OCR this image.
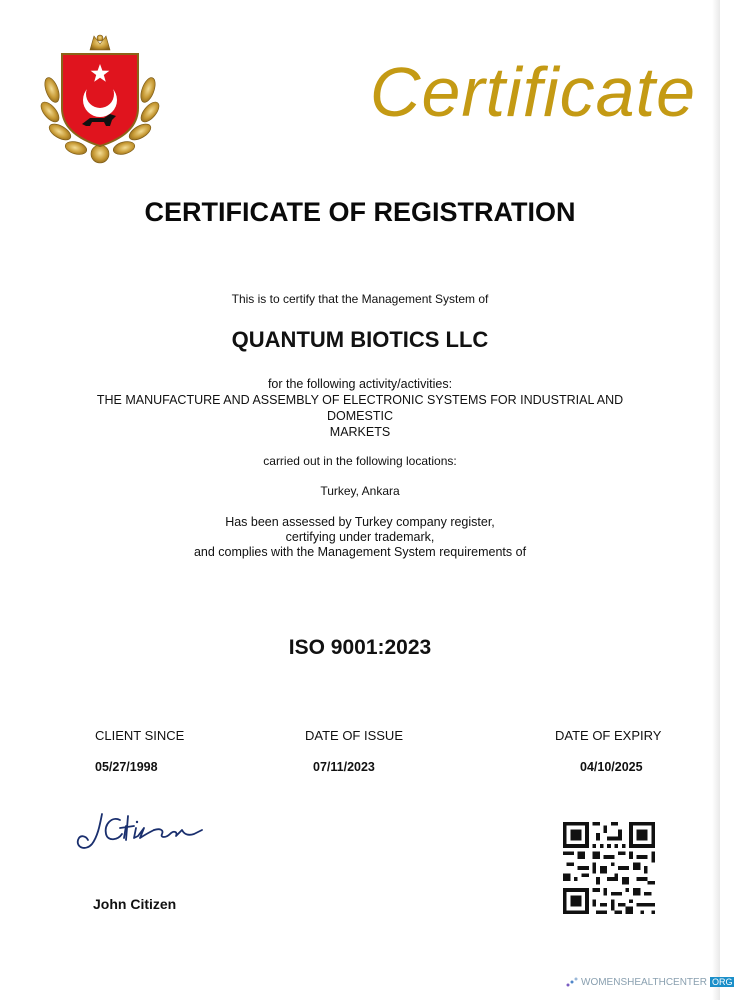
Certificate
CERTIFICATE OF REGISTRATION
This is to certify that the Management System of
QUANTUM BIOTICS LLC
for the following activity/activities:
THE MANUFACTURE AND ASSEMBLY OF ELECTRONIC SYSTEMS FOR INDUSTRIAL AND
DOMESTIC
MARKETS
carried out in the following locations:
Turkey, Ankara
Has been assessed by Turkey company register,
certifying under trademark,
and complies with the Management System requirements of
ISO 9001:2023
CLIENT SINCE	DATE OF ISSUE	DATE OF EXPIRY
05/27/1998	07/11/2023	04/10/2025
John Citizen
WOMENSHEALTHCENTER ORG
